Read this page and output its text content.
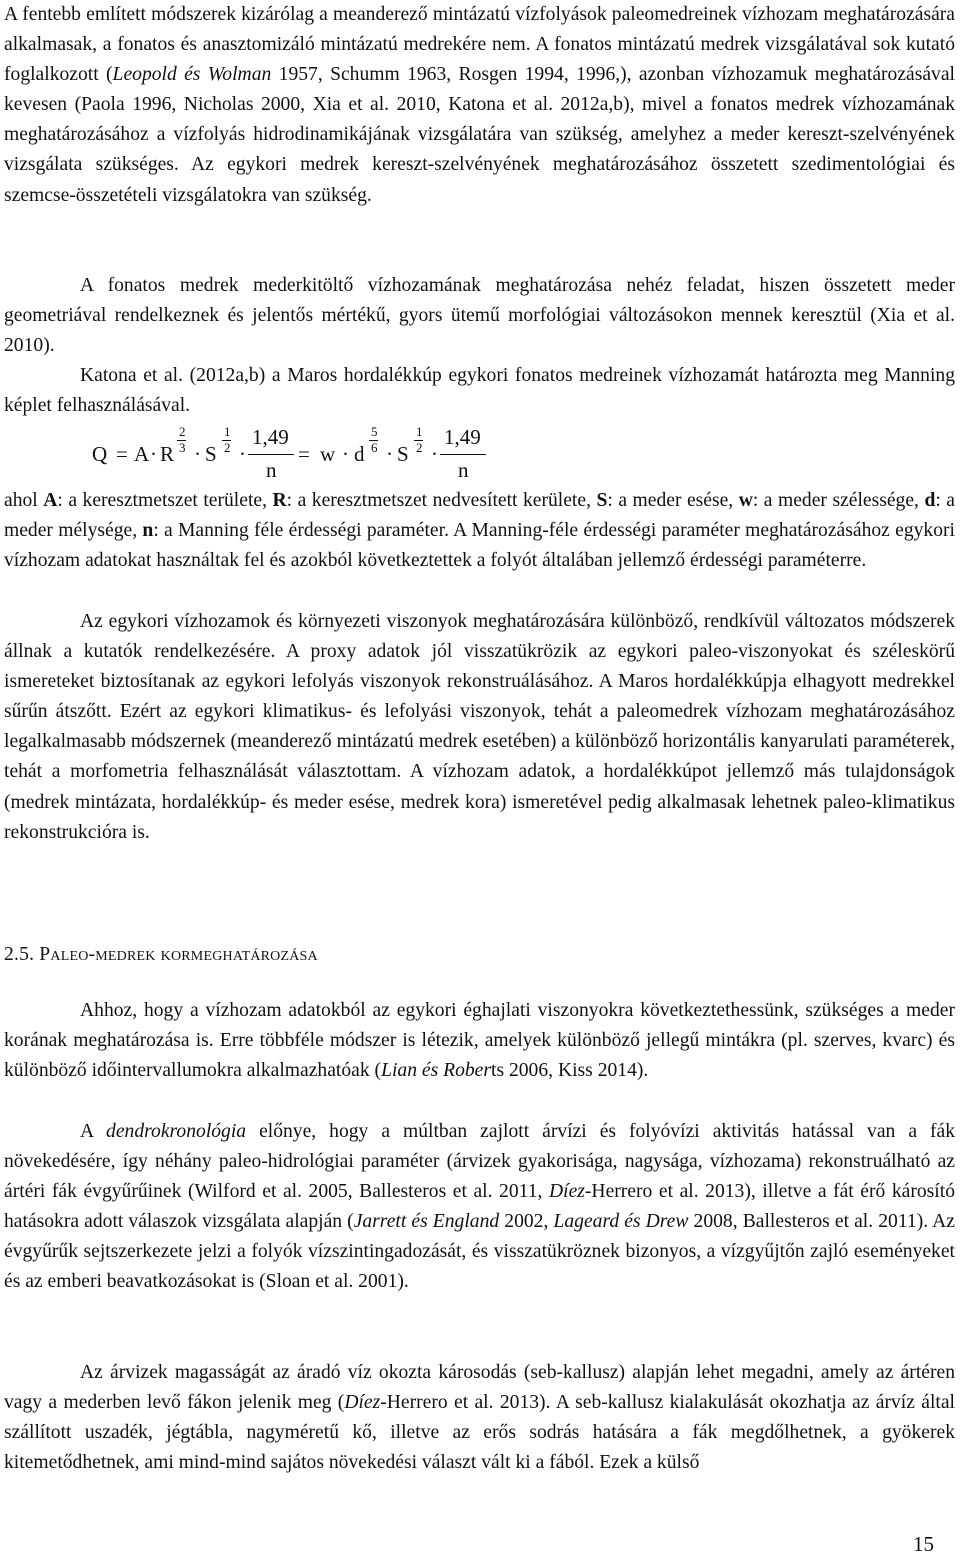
A fentebb említett módszerek kizárólag a meanderező mintázatú vízfolyások paleomedreinek vízhozam meghatározására alkalmasak, a fonatos és anasztomizáló mintázatú medrekére nem. A fonatos mintázatú medrek vizsgálatával sok kutató foglalkozott (Leopold és Wolman 1957, Schumm 1963, Rosgen 1994, 1996,), azonban vízhozamuk meghatározásával kevesen (Paola 1996, Nicholas 2000, Xia et al. 2010, Katona et al. 2012a,b), mivel a fonatos medrek vízhozamának meghatározásához a vízfolyás hidrodinamikájának vizsgálatára van szükség, amelyhez a meder kereszt-szelvényének vizsgálata szükséges. Az egykori medrek kereszt-szelvényének meghatározásához összetett szedimentológiai és szemcse-összetételi vizsgálatokra van szükség.

A fonatos medrek mederkitöltő vízhozamának meghatározása nehéz feladat, hiszen összetett meder geometriával rendelkeznek és jelentős mértékű, gyors ütemű morfológiai változásokon mennek keresztül (Xia et al. 2010).

Katona et al. (2012a,b) a Maros hordalékkúp egykori fonatos medreinek vízhozamát határozta meg Manning képlet felhasználásával.

Q = A · R
2
3 · S
1
2 ·
1,49
n
= w · d
5
6 · S
1
2 ·
1,49
n

ahol A: a keresztmetszet területe, R: a keresztmetszet nedvesített kerülete, S: a meder esése, w: a meder szélessége, d: a meder mélysége, n: a Manning féle érdességi paraméter. A Manning-féle érdességi paraméter meghatározásához egykori vízhozam adatokat használtak fel és azokból következtettek a folyót általában jellemző érdességi paraméterre.

Az egykori vízhozamok és környezeti viszonyok meghatározására különböző, rendkívül változatos módszerek állnak a kutatók rendelkezésére. A proxy adatok jól visszatükrözik az egykori paleo-viszonyokat és széleskörű ismereteket biztosítanak az egykori lefolyás viszonyok rekonstruálásához. A Maros hordalékkúpja elhagyott medrekkel sűrűn átszőtt. Ezért az egykori klimatikus- és lefolyási viszonyok, tehát a paleomedrek vízhozam meghatározásához legalkalmasabb módszernek (meanderező mintázatú medrek esetében) a különböző horizontális kanyarulati paraméterek, tehát a morfometria felhasználását választottam. A vízhozam adatok, a hordalékkúpot jellemző más tulajdonságok (medrek mintázata, hordalékkúp- és meder esése, medrek kora) ismeretével pedig alkalmasak lehetnek paleo-klimatikus rekonstrukcióra is.

2.5. Paleo-medrek kormeghatározása

Ahhoz, hogy a vízhozam adatokból az egykori éghajlati viszonyokra következtethessünk, szükséges a meder korának meghatározása is. Erre többféle módszer is létezik, amelyek különböző jellegű mintákra (pl. szerves, kvarc) és különböző időintervallumokra alkalmazhatóak (Lian és Roberts 2006, Kiss 2014).

A dendrokronológia előnye, hogy a múltban zajlott árvízi és folyóvízi aktivitás hatással van a fák növekedésére, így néhány paleo-hidrológiai paraméter (árvizek gyakorisága, nagysága, vízhozama) rekonstruálható az ártéri fák évgyűrűinek (Wilford et al. 2005, Ballesteros et al. 2011, Díez-Herrero et al. 2013), illetve a fát érő károsító hatásokra adott válaszok vizsgálata alapján (Jarrett és England 2002, Lageard és Drew 2008, Ballesteros et al. 2011). Az évgyűrűk sejtszerkezete jelzi a folyók vízszintingadozását, és visszatükröznek bizonyos, a vízgyűjtőn zajló eseményeket és az emberi beavatkozásokat is (Sloan et al. 2001).

Az árvizek magasságát az áradó víz okozta károsodás (seb-kallusz) alapján lehet megadni, amely az ártéren vagy a mederben levő fákon jelenik meg (Díez-Herrero et al. 2013). A seb-kallusz kialakulását okozhatja az árvíz által szállított uszadék, jégtábla, nagyméretű kő, illetve az erős sodrás hatására a fák megdőlhetnek, a gyökerek kitemetődhetnek, ami mind-mind sajátos növekedési választ vált ki a fából. Ezek a külső

15
